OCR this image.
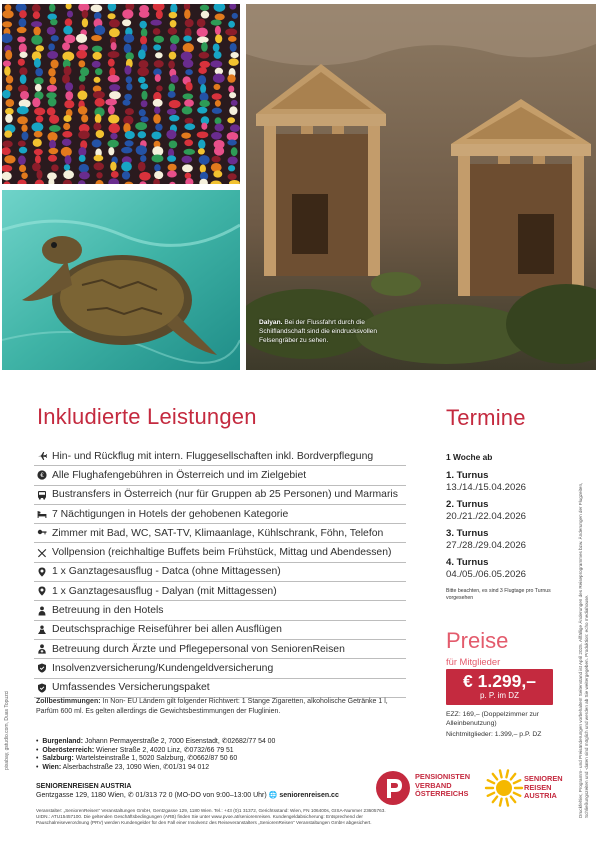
Dalyan. Bei der Flussfahrt durch die Schilflandschaft sind die eindrucksvollen Felsengräber zu sehen.
pixabay, gstudio.com, Duas Topuzci	Druckfehler, Programm- und Preisänderungen vorbehalten! Seitenstand ist April 2025. Allfällige Änderungen des Reiseprogrammes bzw. Änderungen der Flugzeiten, Schließungszeiten und -daten sind möglich und werden ab Sie weitergegeben. Produktion: echo mediahouse.
Inkludierte Leistungen
Hin- und Rückflug mit intern. Fluggesellschaften inkl. Bordverpflegung
€ Alle Flughafengebühren in Österreich und im Zielgebiet
Bustransfers in Österreich (nur für Gruppen ab 25 Personen) und Marmaris
7 Nächtigungen in Hotels der gehobenen Kategorie
Zimmer mit Bad, WC, SAT-TV, Klimaanlage, Kühlschrank, Föhn, Telefon
Vollpension (reichhaltige Buffets beim Frühstück, Mittag und Abendessen)
1 x Ganztagesausflug - Datca (ohne Mittagessen)
1 x Ganztagesausflug - Dalyan (mit Mittagessen)
Betreuung in den Hotels
Deutschsprachige Reiseführer bei allen Ausflügen
Betreuung durch Ärzte und Pflegepersonal von SeniorenReisen
Insolvenzversicherung/Kundengeldversicherung
Umfassendes Versicherungspaket
Zollbestimmungen: In Non- EU Ländern gilt folgender Richtwert: 1 Stange Zigaretten, alkoholische Getränke 1 l, Parfüm 600 ml. Es gelten allerdings die Gewichtsbestimmungen der Fluglinien.
• Burgenland: Johann Permayerstraße 2, 7000 Eisenstadt, ✆02682/77 54 00
• Oberösterreich: Wiener Straße 2, 4020 Linz, ✆0732/66 79 51
• Salzburg: Wartelsteinstraße 1, 5020 Salzburg, ✆0662/87 50 60
• Wien: Alserbachstraße 23, 1090 Wien, ✆01/31 94 012
SENIORENREISEN AUSTRIA
Gentzgasse 129, 1180 Wien, ✆ 01/313 72 0 (MO-DO von 9:00–13:00 Uhr) 🌐 seniorenreisen.cc
Veranstalter: „SeniorenReisen“ Veranstaltungen GmbH, Gentzgasse 129, 1180 Wien. Tel.: +43 (0)1 31372, Gerichtsstand: Wien, FN 106400s, GISA-Nummer 23605763. UIDN.: ATU15457100. Die geltenden Geschäftsbedingungen (ARB) finden Sie unter www.pvoe.at/seniorenreisen. Kundengeldabsicherung: Entsprechend der Pauschalreiseverordnung (PRV) werden Kundengelder für den Fall einer Insolvenz des Reiseveranstalters „SeniorenReisen“ Veranstaltungen GmbH abgesichert.
Termine
1 Woche ab
1. Turnus
13./14./15.04.2026
2. Turnus
20./21./22.04.2026
3. Turnus
27./28./29.04.2026
4. Turnus
04./05./06.05.2026
Bitte beachten, es sind 3 Flugtage pro Turnus vorgesehen
Preise
für Mitglieder
€ 1.299,–
p. P. im DZ
EZZ: 169,– (Doppelzimmer zur Alleinbenutzung)
Nichtmitglieder: 1.399,– p.P. DZ
PENSIONISTEN
VERBAND
ÖSTERREICHS
SENIOREN
REISEN
AUSTRIA
